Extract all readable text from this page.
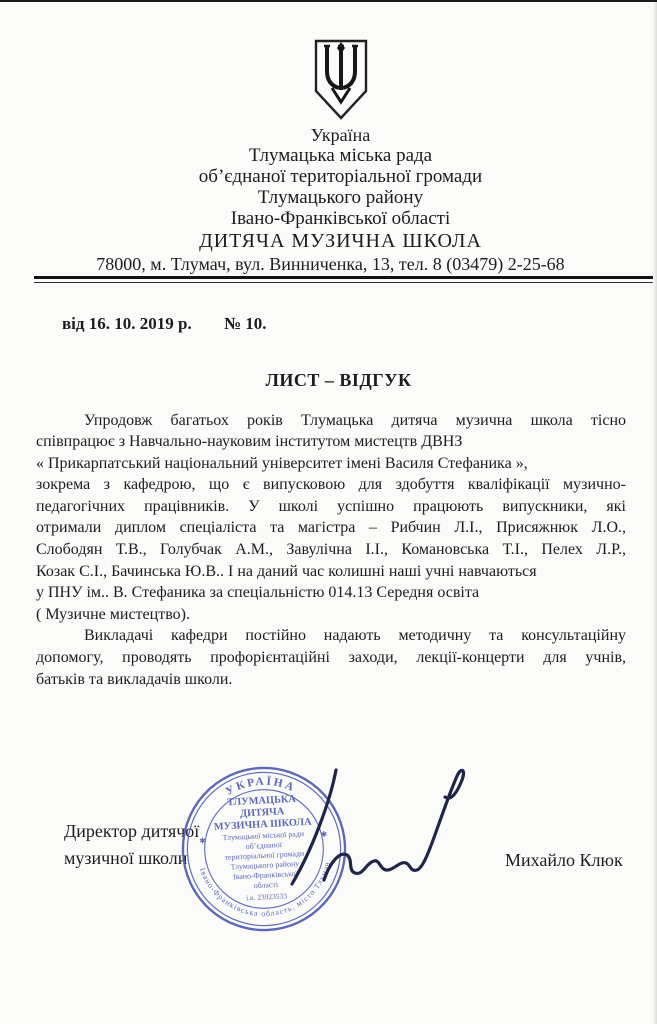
Україна
Тлумацька міська рада
об’єднаної територіальної громади
Тлумацького району
Івано-Франківської області
ДИТЯЧА МУЗИЧНА ШКОЛА
78000, м. Тлумач, вул. Винниченка, 13, тел. 8 (03479) 2-25-68
від 16. 10. 2019 р. № 10.
ЛИСТ – ВІДГУК
Упродовж багатьох років Тлумацька дитяча музична школа тісно
співпрацює з Навчально-науковим інститутом мистецтв ДВНЗ
« Прикарпатський національний університет імені Василя Стефаника »,
зокрема з кафедрою, що є випусковою для здобуття кваліфікації музично-
педагогічних працівників. У школі успішно працюють випускники, які
отримали диплом спеціаліста та магістра – Рибчин Л.І., Присяжнюк Л.О.,
Слободян Т.В., Голубчак А.М., Завулічна І.І., Комановська Т.І., Пелех Л.Р.,
Козак С.І., Бачинська Ю.В.. І на даний час колишні наші учні навчаються
у ПНУ ім.. В. Стефаника за спеціальністю 014.13 Середня освіта
( Музичне мистецтво).
Викладачі кафедри постійно надають методичну та консультаційну
допомогу, проводять профорієнтаційні заходи, лекції-концерти для учнів,
батьків та викладачів школи.
Директор дитячої
музичної школи
УКРАЇНА
Івано-Франківська область, місто Тлумач
✱
✱
ТЛУМАЦЬКА
ДИТЯЧА
МУЗИЧНА ШКОЛА
Тлумацької міської ради
об’єднаної
територіальної громади
Тлумацького району
Івано-Франківської
області
і.к. 23923533
Михайло Клюк
